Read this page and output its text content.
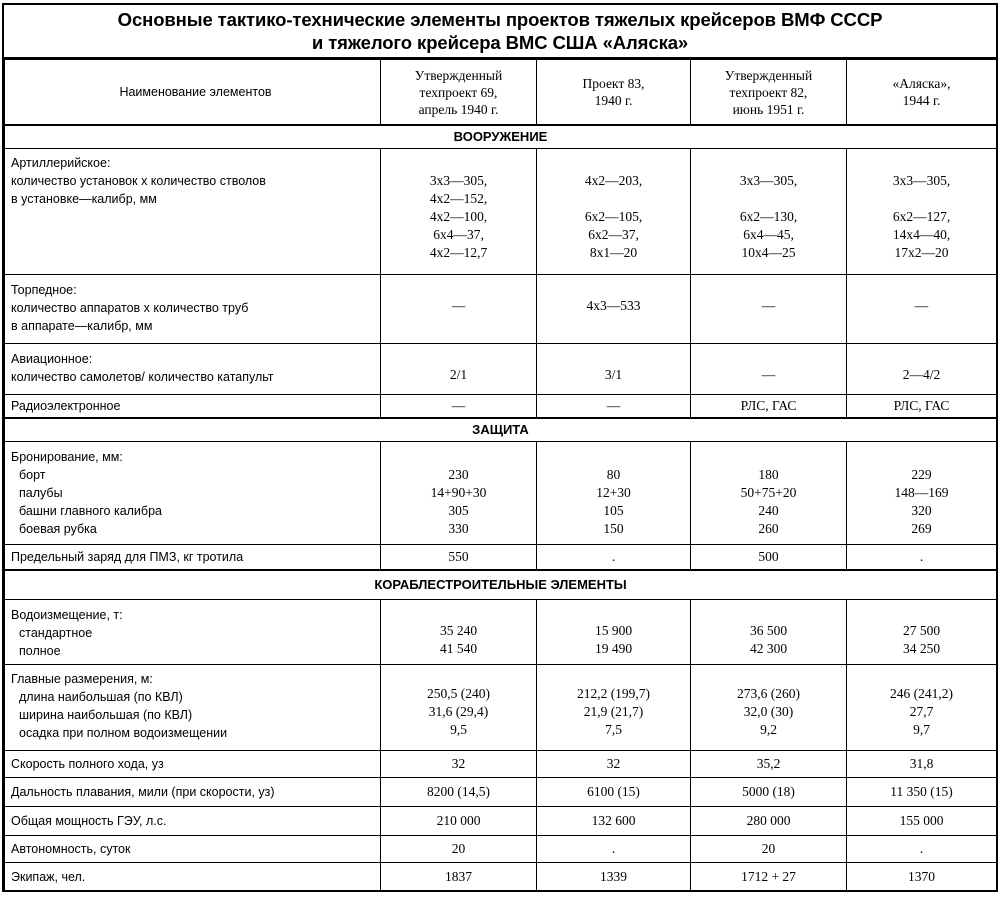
Основные тактико-технические элементы проектов тяжелых крейсеров ВМФ СССР
и тяжелого крейсера ВМС США «Аляска»
Наименование элементов	Утвержденный
техпроект 69,
апрель 1940 г.	Проект 83,
1940 г.	Утвержденный
техпроект 82,
июнь 1951 г.	«Аляска»,
1944 г.

ВООРУЖЕНИЕ				

Артиллерийское:
количество установок х количество стволов
в установке—калибр, мм	3x3—305,
4x2—152,
4x2—100,
6x4—37,
4x2—12,7	4x2—203,
6x2—105,
6x2—37,
8x1—20	3x3—305,
6x2—130,
6x4—45,
10x4—25	3x3—305,
6x2—127,
14x4—40,
17x2—20

Торпедное:
количество аппаратов х количество труб
в аппарате—калибр, мм	—	4x3—533	—	—

Авиационное:
количество самолетов/ количество катапульт	2/1	3/1	—	2—4/2
Радиоэлектронное	—	—	РЛС, ГАС	РЛС, ГАС
ЗАЩИТА				

Бронирование, мм:
борт
палубы
башни главного калибра
боевая рубка	230
14+90+30
305
330	80
12+30
105
150	180
50+75+20
240
260	229
148—169
320
269

Предельный заряд для ПМЗ, кг тротила	550	.	500	.
КОРАБЛЕСТРОИТЕЛЬНЫЕ ЭЛЕМЕНТЫ				

Водоизмещение, т:
стандартное
полное	35 240
41 540	15 900
19 490	36 500
42 300	27 500
34 250

Главные размерения, м:
длина наибольшая (по КВЛ)
ширина наибольшая (по КВЛ)
осадка при полном водоизмещении	250,5 (240)
31,6 (29,4)
9,5	212,2 (199,7)
21,9 (21,7)
7,5	273,6 (260)
32,0 (30)
9,2	246 (241,2)
27,7
9,7

Скорость полного хода, уз	32	32	35,2	31,8
Дальность плавания, мили (при скорости, уз)	8200 (14,5)	6100 (15)	5000 (18)	11 350 (15)
Общая мощность ГЭУ, л.с.	210 000	132 600	280 000	155 000
Автономность, суток	20	.	20	.
Экипаж, чел.	1837	1339	1712 + 27	1370
